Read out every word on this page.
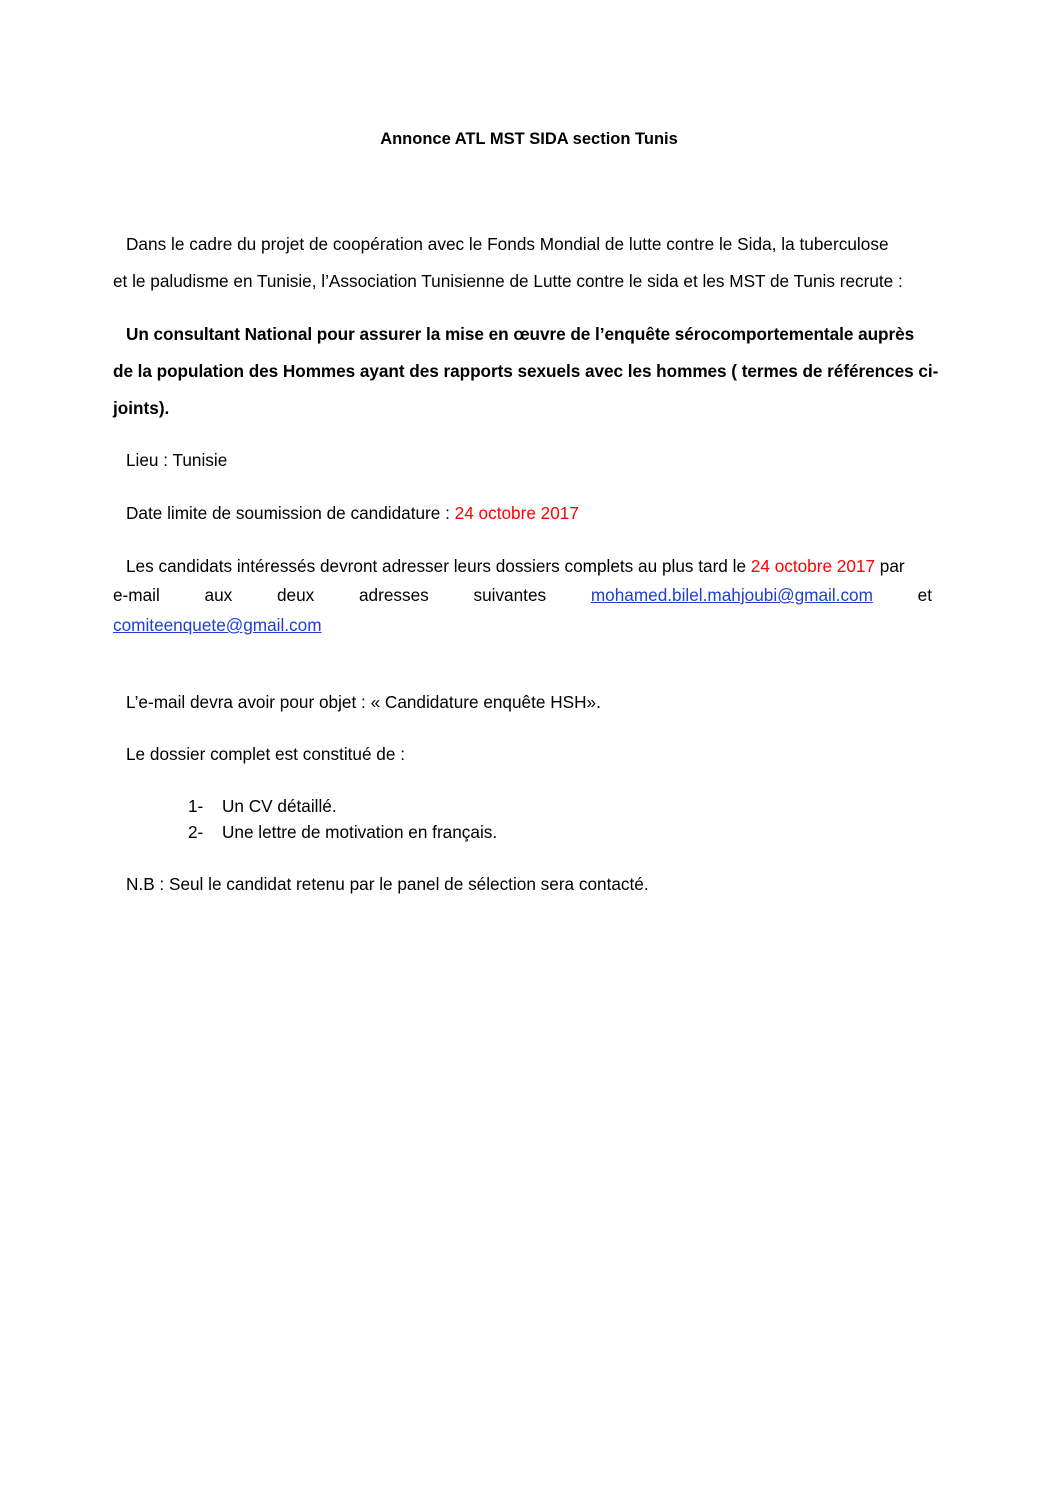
Annonce ATL MST SIDA section Tunis
Dans le cadre du projet de coopération avec le Fonds Mondial de lutte contre le Sida, la tuberculose
et le paludisme en Tunisie, l’Association Tunisienne de Lutte contre le sida et les MST de Tunis recrute :
Un consultant National pour assurer la mise en œuvre de l’enquête sérocomportementale auprès
de la population des Hommes ayant des rapports sexuels avec les hommes ( termes de références ci-
joints).
Lieu : Tunisie
Date limite de soumission de candidature : 24 octobre 2017
Les candidats intéressés devront adresser leurs dossiers complets au plus tard le 24 octobre 2017 par
e-mail	aux	deux	adresses	suivantes	mohamed.bilel.mahjoubi@gmail.com	et
comiteenquete@gmail.com
L’e-mail devra avoir pour objet : « Candidature enquête HSH».
Le dossier complet est constitué de :
1-	Un CV détaillé.
2-	Une lettre de motivation en français.
N.B : Seul le candidat retenu par le panel de sélection sera contacté.
